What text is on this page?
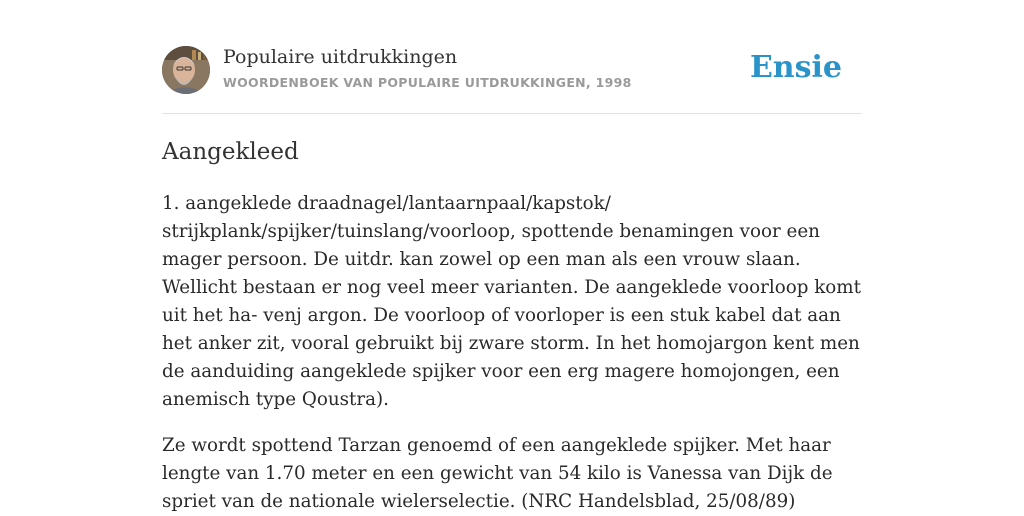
Populaire uitdrukkingen
WOORDENBOEK VAN POPULAIRE UITDRUKKINGEN, 1998	Ensie
Aangekleed

1. aangeklede draadnagel/lantaarnpaal/kapstok/ strijkplank/spijker/tuinslang/voorloop, spottende benamingen voor een mager persoon. De uitdr. kan zowel op een man als een vrouw slaan. Wellicht bestaan er nog veel meer varianten. De aangeklede voorloop komt uit het ha- venj argon. De voorloop of voorloper is een stuk kabel dat aan het anker zit, vooral gebruikt bij zware storm. In het homojargon kent men de aanduiding aangeklede spijker voor een erg magere homojongen, een anemisch type Qoustra).

Ze wordt spottend Tarzan genoemd of een aangeklede spijker. Met haar lengte van 1.70 meter en een gewicht van 54 kilo is Vanessa van Dijk de spriet van de nationale wielerselectie. (NRC Handelsblad, 25/08/89)
